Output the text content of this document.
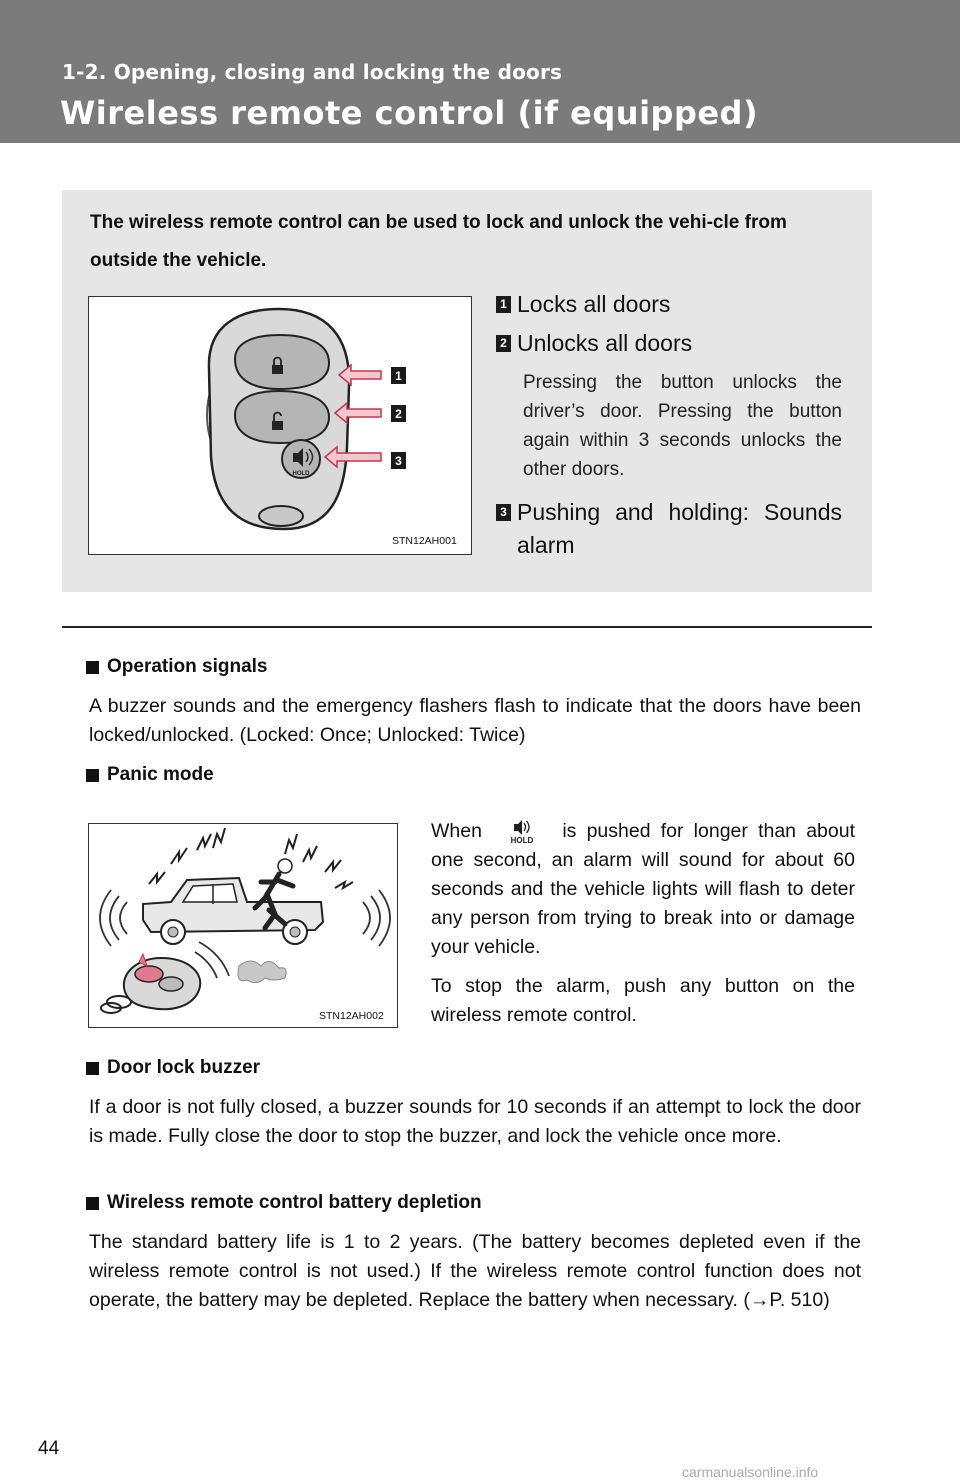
1-2. Opening, closing and locking the doors
Wireless remote control (if equipped)
The wireless remote control can be used to lock and unlock the vehi-cle from outside the vehicle.
HOLD
1
2
3
STN12AH001
1 Locks all doors
2 Unlocks all doors
Pressing the button unlocks the driver’s door. Pressing the button again within 3 seconds unlocks the other doors.
3 Pushing and holding: Sounds alarm
Operation signals
A buzzer sounds and the emergency flashers flash to indicate that the doors have been locked/unlocked. (Locked: Once; Unlocked: Twice)
Panic mode
STN12AH002

When	HOLD is pushed for longer than about one second, an alarm will sound for about 60 seconds and the vehicle lights will flash to deter any person from trying to break into or damage your vehicle.

To stop the alarm, push any button on the wireless remote control.

Door lock buzzer
If a door is not fully closed, a buzzer sounds for 10 seconds if an attempt to lock the door is made. Fully close the door to stop the buzzer, and lock the vehicle once more.
Wireless remote control battery depletion
The standard battery life is 1 to 2 years. (The battery becomes depleted even if the wireless remote control is not used.) If the wireless remote control function does not operate, the battery may be depleted. Replace the battery when necessary. (→P. 510)
44
carmanualsonline.info
